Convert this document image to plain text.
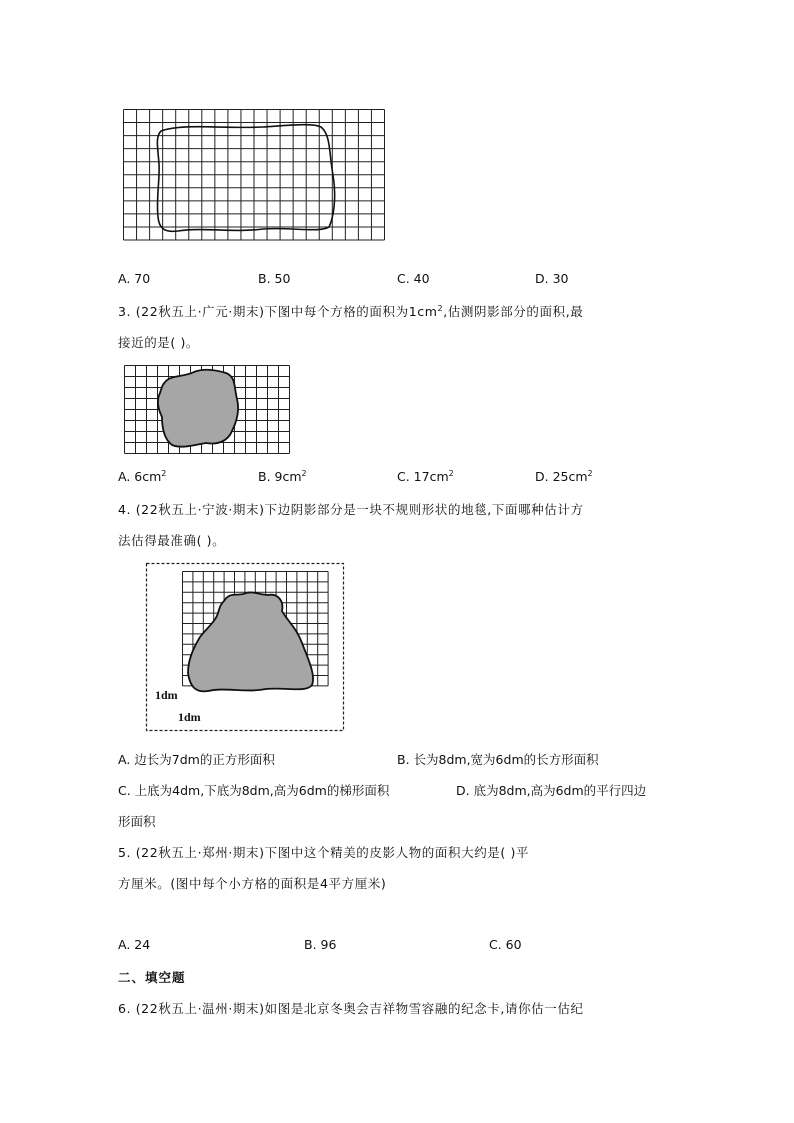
A. 70	B. 50	C. 40	D. 30
3. (22秋五上·广元·期末)下图中每个方格的面积为$1cm^2$,估测阴影部分的面积,最
接近的是( )。
A. $6cm^2$	B. $9cm^2$	C. $17cm^2$	D. $25cm^2$
4. (22秋五上·宁波·期末)下边阴影部分是一块不规则形状的地毯,下面哪种估计方
法估得最准确( )。
1dm
1dm
A. 边长为7dm的正方形面积	B. 长为8dm,宽为6dm的长方形面积
C. 上底为4dm,下底为8dm,高为6dm的梯形面积	D. 底为8dm,高为6dm的平行四边
形面积
5. (22秋五上·郑州·期末)下图中这个精美的皮影人物的面积大约是( )平
方厘米。(图中每个小方格的面积是4平方厘米)
A. 24	B. 96	C. 60
二、填空题
6. (22秋五上·温州·期末)如图是北京冬奥会吉祥物雪容融的纪念卡,请你估一估纪
